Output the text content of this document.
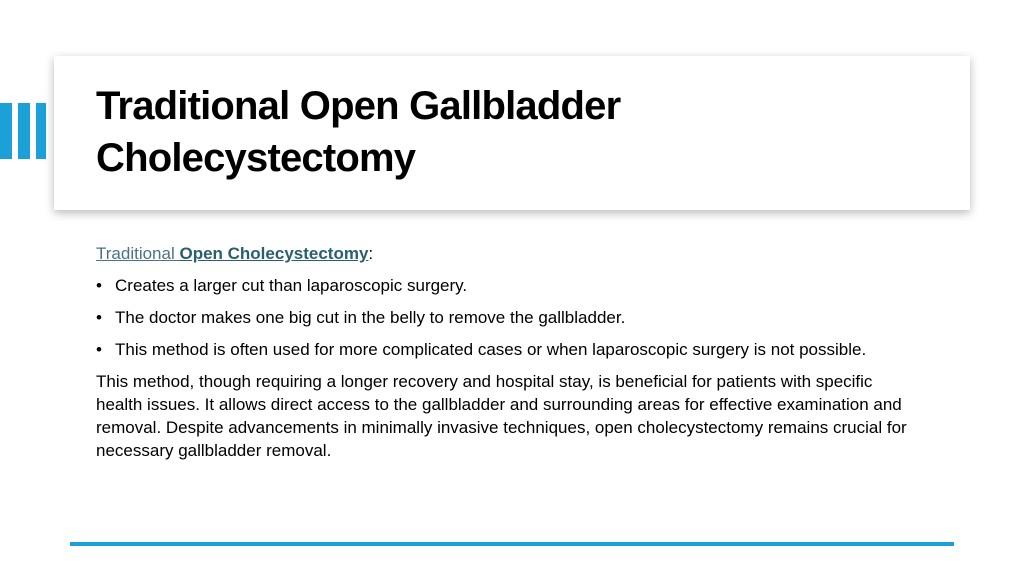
Traditional Open Gallbladder
Cholecystectomy

Traditional Open Cholecystectomy:

• Creates a larger cut than laparoscopic surgery.
• The doctor makes one big cut in the belly to remove the gallbladder.
• This method is often used for more complicated cases or when laparoscopic surgery is not possible.

This method, though requiring a longer recovery and hospital stay, is beneficial for patients with specific health issues. It allows direct access to the gallbladder and surrounding areas for effective examination and removal. Despite advancements in minimally invasive techniques, open cholecystectomy remains crucial for necessary gallbladder removal.
